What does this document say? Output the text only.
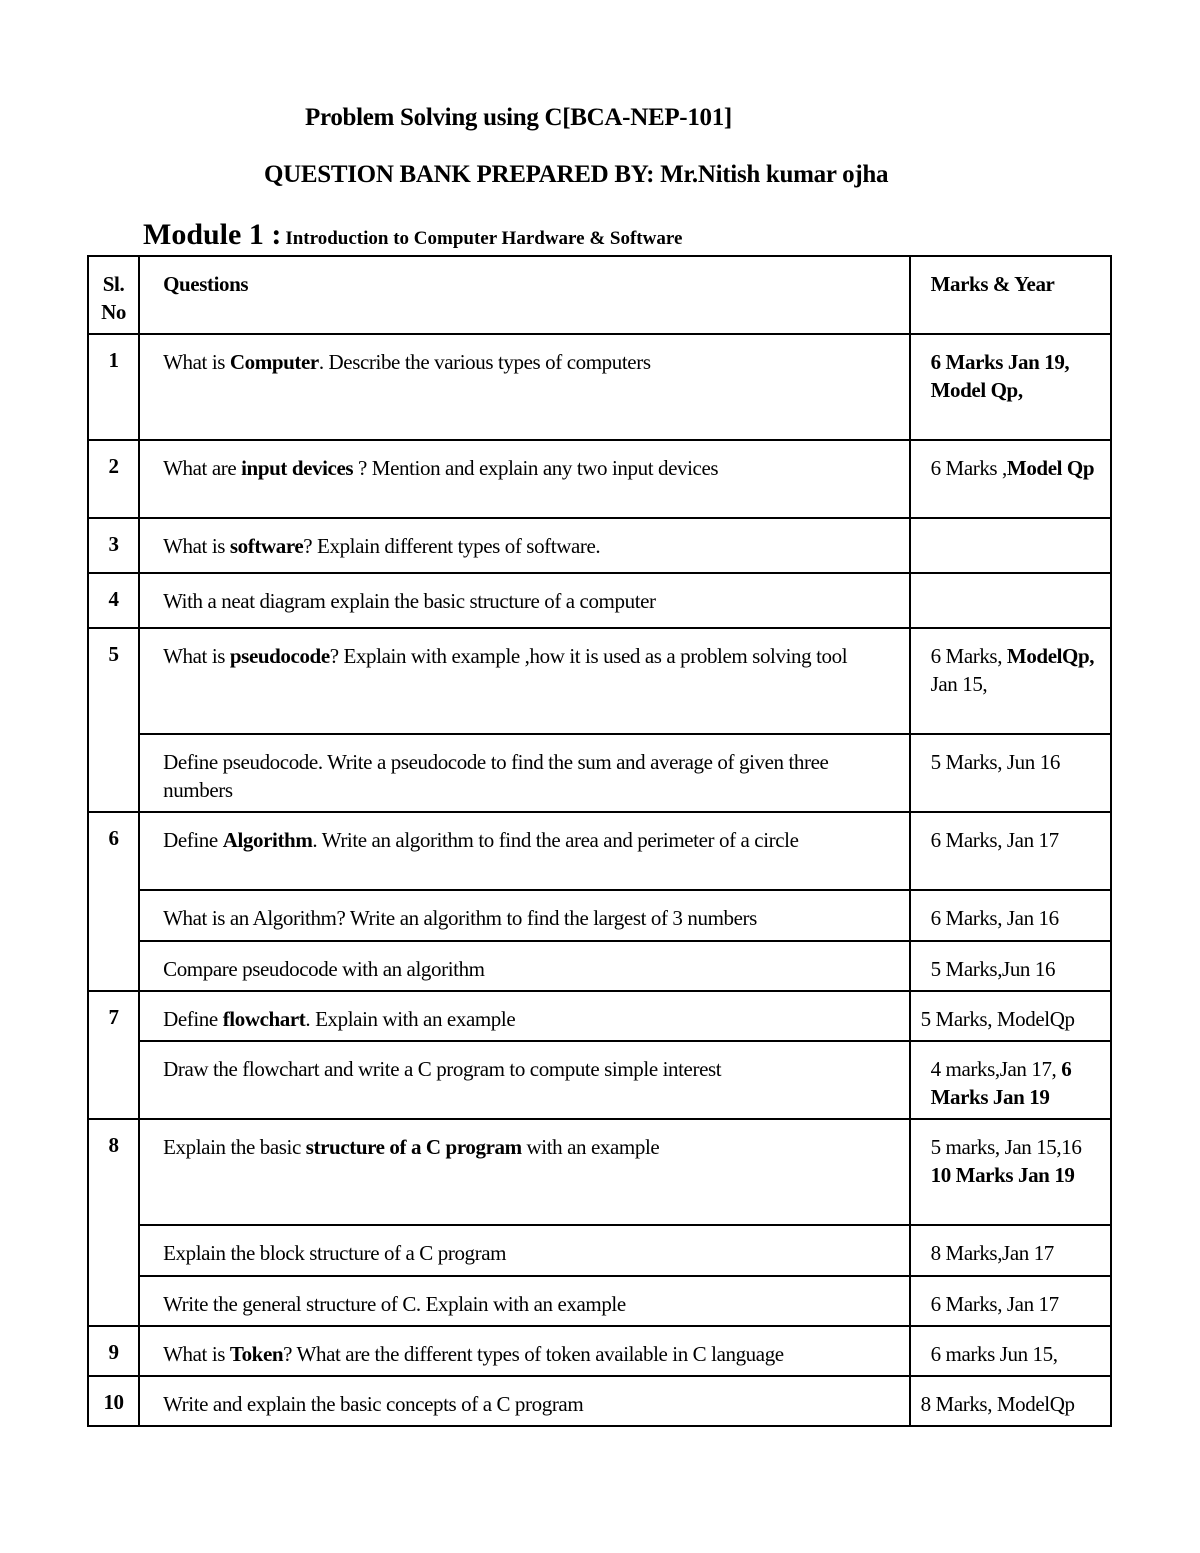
Problem Solving using C[BCA-NEP-101]
QUESTION BANK PREPARED BY: Mr.Nitish kumar ojha
Module 1 : Introduction to Computer Hardware & Software
Sl.
No	Questions	Marks & Year
1	What is Computer. Describe the various types of computers	6 Marks Jan 19, Model Qp,
2	What are input devices ? Mention and explain any two input devices	6 Marks ,Model Qp
3	What is software? Explain different types of software.	
4	With a neat diagram explain the basic structure of a computer	
5	What is pseudocode? Explain with example ,how it is used as a problem solving tool	6 Marks, ModelQp, Jan 15,
	Define pseudocode. Write a pseudocode to find the sum and average of given three numbers	5 Marks, Jun 16
6	Define Algorithm. Write an algorithm to find the area and perimeter of a circle	6 Marks, Jan 17
	What is an Algorithm? Write an algorithm to find the largest of 3 numbers	6 Marks, Jan 16
	Compare pseudocode with an algorithm	5 Marks,Jun 16
7	Define flowchart. Explain with an example	5 Marks, ModelQp
	Draw the flowchart and write a C program to compute simple interest	4 marks,Jan 17, 6 Marks Jan 19
8	Explain the basic structure of a C program with an example	5 marks, Jan 15,16 10 Marks Jan 19
	Explain the block structure of a C program	8 Marks,Jan 17
	Write the general structure of C. Explain with an example	6 Marks, Jan 17
9	What is Token? What are the different types of token available in C language	6 marks Jun 15,
10	Write and explain the basic concepts of a C program	8 Marks, ModelQp
